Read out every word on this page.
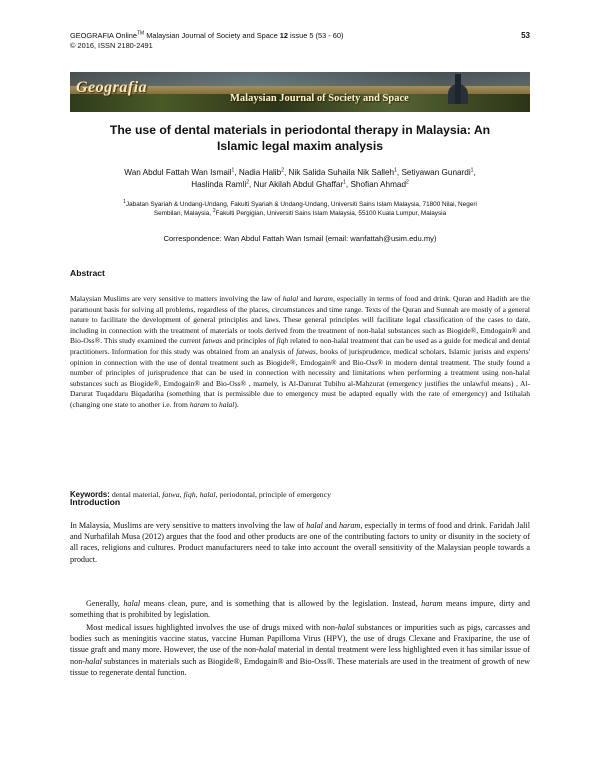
GEOGRAFIA Online™ Malaysian Journal of Society and Space 12 issue 5 (53 - 60)
© 2016, ISSN 2180-2491
53
Geografia
Malaysian Journal of Society and Space
The use of dental materials in periodontal therapy in Malaysia: An
Islamic legal maxim analysis
Wan Abdul Fattah Wan Ismail$^1$, Nadia Halib$^2$, Nik Salida Suhaila Nik Salleh$^1$, Setiyawan Gunardi$^1$,
Haslinda Ramli$^2$, Nur Akilah Abdul Ghaffar$^1$, Shofian Ahmad$^2$
$^1$Jabatan Syariah & Undang-Undang, Fakulti Syariah & Undang-Undang, Universiti Sains Islam Malaysia, 71800 Nilai, Negeri
Sembilan, Malaysia, $^2$Fakulti Pergigian, Universiti Sains Islam Malaysia, 55100 Kuala Lumpur, Malaysia
Correspondence: Wan Abdul Fattah Wan Ismail (email: wanfattah@usim.edu.my)
Abstract
Malaysian Muslims are very sensitive to matters involving the law of halal and haram, especially in terms of food and drink. Quran and Hadith are the paramount basis for solving all problems, regardless of the places, circumstances and time range. Texts of the Quran and Sunnah are mostly of a general nature to facilitate the development of general principles and laws. These general principles will facilitate legal classification of the cases to date, including in connection with the treatment of materials or tools derived from the treatment of non-halal substances such as Biogide®, Emdogain® and Bio-Oss®. This study examined the current fatwas and principles of fiqh related to non-halal treatment that can be used as a guide for medical and dental practitioners. Information for this study was obtained from an analysis of fatwas, books of jurisprudence, medical scholars, Islamic jurists and experts' opinion in connection with the use of dental treatment such as Biogide®, Emdogain® and Bio-Oss® in modern dental treatment. The study found a number of principles of jurisprudence that can be used in connection with necessity and limitations when performing a treatment using non-halal substances such as Biogide®, Emdogain® and Bio-Oss® , mamely, is Al-Darurat Tubihu al-Mahzurat (emergency justifies the unlawful means) , Al-Darurat Tuqaddaru Biqadariha (something that is permissible due to emergency must be adapted equally with the rate of emergency) and Istihalah (changing one state to another i.e. from haram to halal).
Keywords: dental material, fatwa, fiqh, halal, periodontal, principle of emergency
Introduction
In Malaysia, Muslims are very sensitive to matters involving the law of halal and haram, especially in terms of food and drink. Faridah Jalil and Nurhafilah Musa (2012) argues that the food and other products are one of the contributing factors to unity or disunity in the society of all races, religions and cultures. Product manufacturers need to take into account the overall sensitivity of the Malaysian people towards a product.
Generally, halal means clean, pure, and is something that is allowed by the legislation. Instead, haram means impure, dirty and something that is prohibited by legislation.
Most medical issues highlighted involves the use of drugs mixed with non-halal substances or impurities such as pigs, carcasses and bodies such as meningitis vaccine status, vaccine Human Papilloma Virus (HPV), the use of drugs Clexane and Fraxiparine, the use of tissue graft and many more. However, the use of the non-halal material in dental treatment were less highlighted even it has similar issue of non-halal substances in materials such as Biogide®, Emdogain® and Bio-Oss®. These materials are used in the treatment of growth of new tissue to regenerate dental function.
